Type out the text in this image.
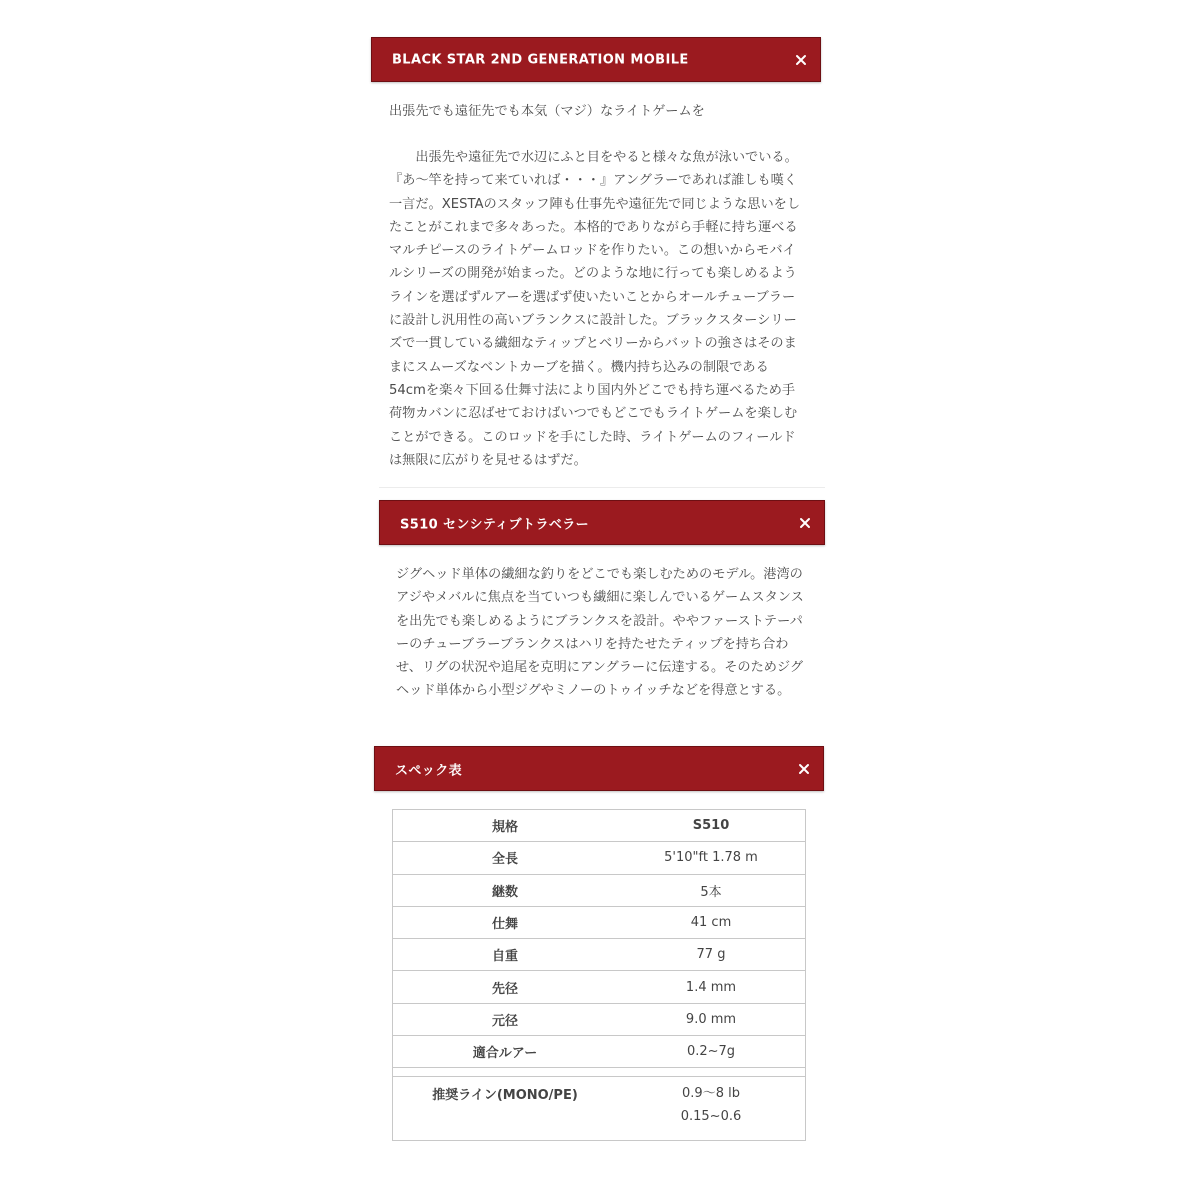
BLACK STAR 2ND GENERATION MOBILE
出張先でも遠征先でも本気（マジ）なライトゲームを
　　出張先や遠征先で水辺にふと目をやると様々な魚が泳いでいる。『あ〜竿を持って来ていれば・・・』アングラーであれば誰しも嘆く一言だ。XESTAのスタッフ陣も仕事先や遠征先で同じような思いをしたことがこれまで多々あった。本格的でありながら手軽に持ち運べるマルチピースのライトゲームロッドを作りたい。この想いからモバイルシリーズの開発が始まった。どのような地に行っても楽しめるようラインを選ばずルアーを選ばず使いたいことからオールチューブラーに設計し汎用性の高いブランクスに設計した。ブラックスターシリーズで一貫している繊細なティップとベリーからバットの強さはそのままにスムーズなベントカーブを描く。機内持ち込みの制限である54cmを楽々下回る仕舞寸法により国内外どこでも持ち運べるため手荷物カバンに忍ばせておけばいつでもどこでもライトゲームを楽しむことができる。このロッドを手にした時、ライトゲームのフィールドは無限に広がりを見せるはずだ。
S510 センシティブトラベラー
ジグヘッド単体の繊細な釣りをどこでも楽しむためのモデル。港湾のアジやメバルに焦点を当ていつも繊細に楽しんでいるゲームスタンスを出先でも楽しめるようにブランクスを設計。ややファーストテーパーのチューブラーブランクスはハリを持たせたティップを持ち合わせ、リグの状況や追尾を克明にアングラーに伝達する。そのためジグヘッド単体から小型ジグやミノーのトゥイッチなどを得意とする。
スペック表
規格	S510
全長	5'10"ft 1.78 m
継数	5本
仕舞	41 cm
自重	77 g
先径	1.4 mm
元径	9.0 mm
適合ルアー	0.2~7g

推奨ライン(MONO/PE)	0.9～8 lb
0.15~0.6
